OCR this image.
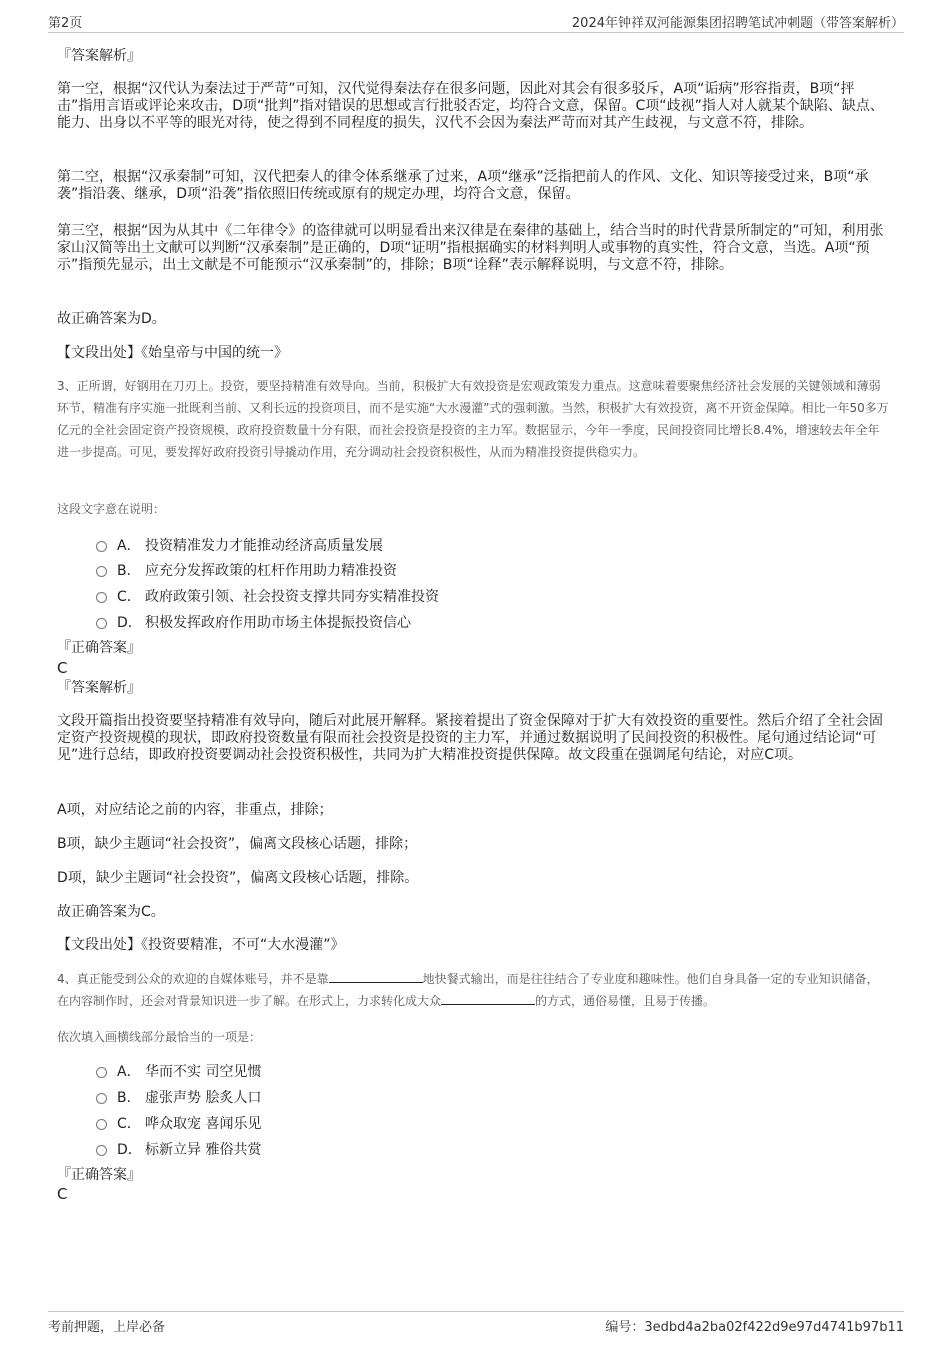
第2页	2024年钟祥双河能源集团招聘笔试冲刺题（带答案解析）
『答案解析』
第一空，根据“汉代认为秦法过于严苛”可知，汉代觉得秦法存在很多问题，因此对其会有很多驳斥，A项“诟病”形容指责，B项“抨击”指用言语或评论来攻击，D项“批判”指对错误的思想或言行批驳否定，均符合文意，保留。C项“歧视”指人对人就某个缺陷、缺点、能力、出身以不平等的眼光对待，使之得到不同程度的损失，汉代不会因为秦法严苛而对其产生歧视，与文意不符，排除。
第二空，根据“汉承秦制”可知，汉代把秦人的律令体系继承了过来，A项“继承”泛指把前人的作风、文化、知识等接受过来，B项“承袭”指沿袭、继承，D项“沿袭”指依照旧传统或原有的规定办理，均符合文意，保留。
第三空，根据“因为从其中《二年律令》的盗律就可以明显看出来汉律是在秦律的基础上，结合当时的时代背景所制定的”可知，利用张家山汉简等出土文献可以判断“汉承秦制”是正确的，D项“证明”指根据确实的材料判明人或事物的真实性，符合文意，当选。A项“预示”指预先显示，出土文献是不可能预示“汉承秦制”的，排除；B项“诠释”表示解释说明，与文意不符，排除。
故正确答案为D。
【文段出处】《始皇帝与中国的统一》
3、正所谓，好钢用在刀刃上。投资，要坚持精准有效导向。当前，积极扩大有效投资是宏观政策发力重点。这意味着要聚焦经济社会发展的关键领域和薄弱环节，精准有序实施一批既利当前、又利长远的投资项目，而不是实施“大水漫灌”式的强刺激。当然，积极扩大有效投资，离不开资金保障。相比一年50多万亿元的全社会固定资产投资规模，政府投资数量十分有限，而社会投资是投资的主力军。数据显示，今年一季度，民间投资同比增长8.4%，增速较去年全年进一步提高。可见，要发挥好政府投资引导撬动作用，充分调动社会投资积极性，从而为精准投资提供稳实力。
这段文字意在说明：
A． 投资精准发力才能推动经济高质量发展
B． 应充分发挥政策的杠杆作用助力精准投资
C． 政府政策引领、社会投资支撑共同夯实精准投资
D． 积极发挥政府作用助市场主体提振投资信心
『正确答案』
C
『答案解析』
文段开篇指出投资要坚持精准有效导向，随后对此展开解释。紧接着提出了资金保障对于扩大有效投资的重要性。然后介绍了全社会固定资产投资规模的现状，即政府投资数量有限而社会投资是投资的主力军，并通过数据说明了民间投资的积极性。尾句通过结论词“可见”进行总结，即政府投资要调动社会投资积极性，共同为扩大精准投资提供保障。故文段重在强调尾句结论，对应C项。
A项，对应结论之前的内容，非重点，排除；
B项，缺少主题词“社会投资”，偏离文段核心话题，排除；
D项，缺少主题词“社会投资”，偏离文段核心话题，排除。
故正确答案为C。
【文段出处】《投资要精准，不可“大水漫灌”》
4、真正能受到公众的欢迎的自媒体账号，并不是靠	地快餐式输出，而是往往结合了专业度和趣味性。他们自身具备一定的专业知识储备，在内容制作时，还会对背景知识进一步了解。在形式上，力求转化成大众	的方式，通俗易懂，且易于传播。
依次填入画横线部分最恰当的一项是：
A． 华而不实 司空见惯
B． 虚张声势 脍炙人口
C． 哗众取宠 喜闻乐见
D． 标新立异 雅俗共赏
『正确答案』
C
考前押题，上岸必备	编号：3edbd4a2ba02f422d9e97d4741b97b11
